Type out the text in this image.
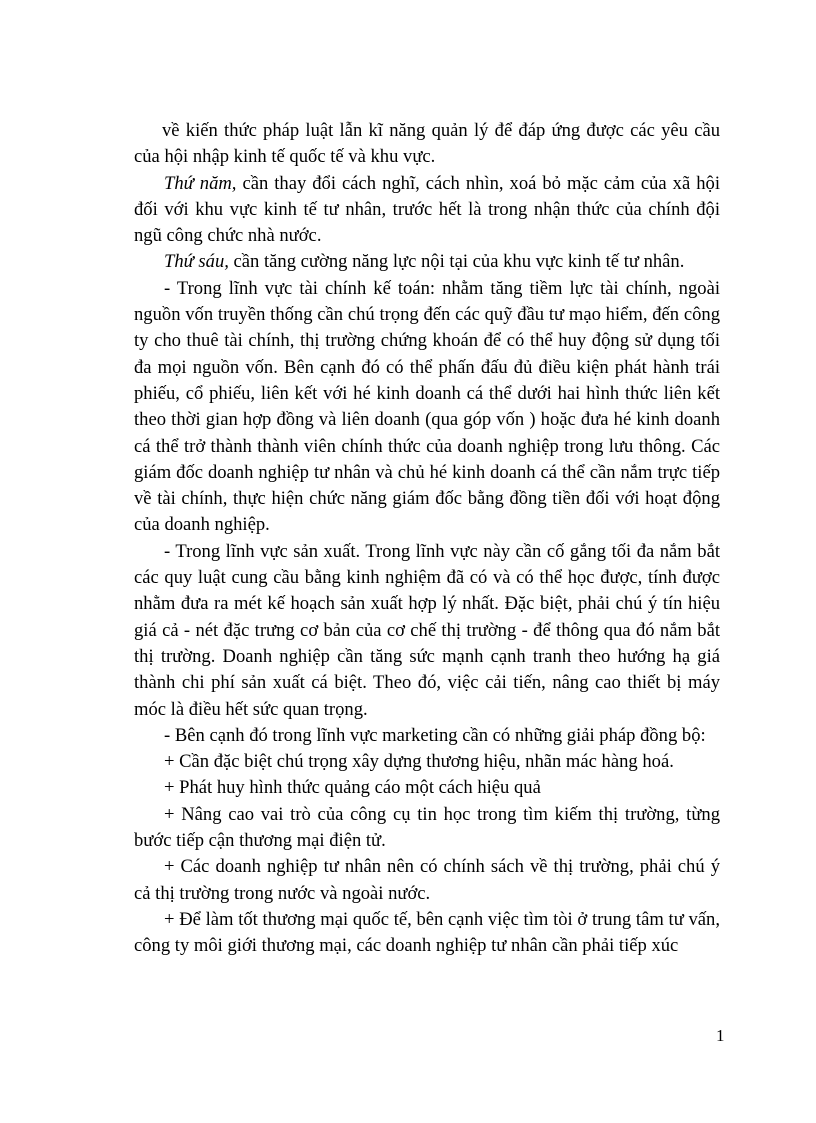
về kiến thức pháp luật lẫn kĩ năng quản lý để đáp ứng được các yêu cầu của hội nhập kinh tế quốc tế và khu vực.

Thứ năm, cần thay đổi cách nghĩ, cách nhìn, xoá bỏ mặc cảm của xã hội đối với khu vực kinh tế tư nhân, trước hết là trong nhận thức của chính đội ngũ công chức nhà nước.

Thứ sáu, cần tăng cường năng lực nội tại của khu vực kinh tế tư nhân.

- Trong lĩnh vực tài chính kế toán: nhằm tăng tiềm lực tài chính, ngoài nguồn vốn truyền thống cần chú trọng đến các quỹ đầu tư mạo hiểm, đến công ty cho thuê tài chính, thị trường chứng khoán để có thể huy động sử dụng tối đa mọi nguồn vốn. Bên cạnh đó có thể phấn đấu đủ điều kiện phát hành trái phiếu, cổ phiếu, liên kết với hé kinh doanh cá thể dưới hai hình thức liên kết theo thời gian hợp đồng và liên doanh (qua góp vốn ) hoặc đưa hé kinh doanh cá thể trở thành thành viên chính thức của doanh nghiệp trong lưu thông. Các giám đốc doanh nghiệp tư nhân và chủ hé kinh doanh cá thể cần nắm trực tiếp về tài chính, thực hiện chức năng giám đốc bằng đồng tiền đối với hoạt động của doanh nghiệp.

- Trong lĩnh vực sản xuất. Trong lĩnh vực này cần cố gắng tối đa nắm bắt các quy luật cung cầu bằng kinh nghiệm đã có và có thể học được, tính được nhằm đưa ra mét kế hoạch sản xuất hợp lý nhất. Đặc biệt, phải chú ý tín hiệu giá cả - nét đặc trưng cơ bản của cơ chế thị trường - để thông qua đó nắm bắt thị trường. Doanh nghiệp cần tăng sức mạnh cạnh tranh theo hướng hạ giá thành chi phí sản xuất cá biệt. Theo đó, việc cải tiến, nâng cao thiết bị máy móc là điều hết sức quan trọng.

- Bên cạnh đó trong lĩnh vực marketing cần có những giải pháp đồng bộ:

+ Cần đặc biệt chú trọng xây dựng thương hiệu, nhãn mác hàng hoá.

+ Phát huy hình thức quảng cáo một cách hiệu quả

+ Nâng cao vai trò của công cụ tin học trong tìm kiếm thị trường, từng bước tiếp cận thương mại điện tử.

+ Các doanh nghiệp tư nhân nên có chính sách về thị trường, phải chú ý cả thị trường trong nước và ngoài nước.

+ Để làm tốt thương mại quốc tế, bên cạnh việc tìm tòi ở trung tâm tư vấn, công ty môi giới thương mại, các doanh nghiệp tư nhân cần phải tiếp xúc

1
